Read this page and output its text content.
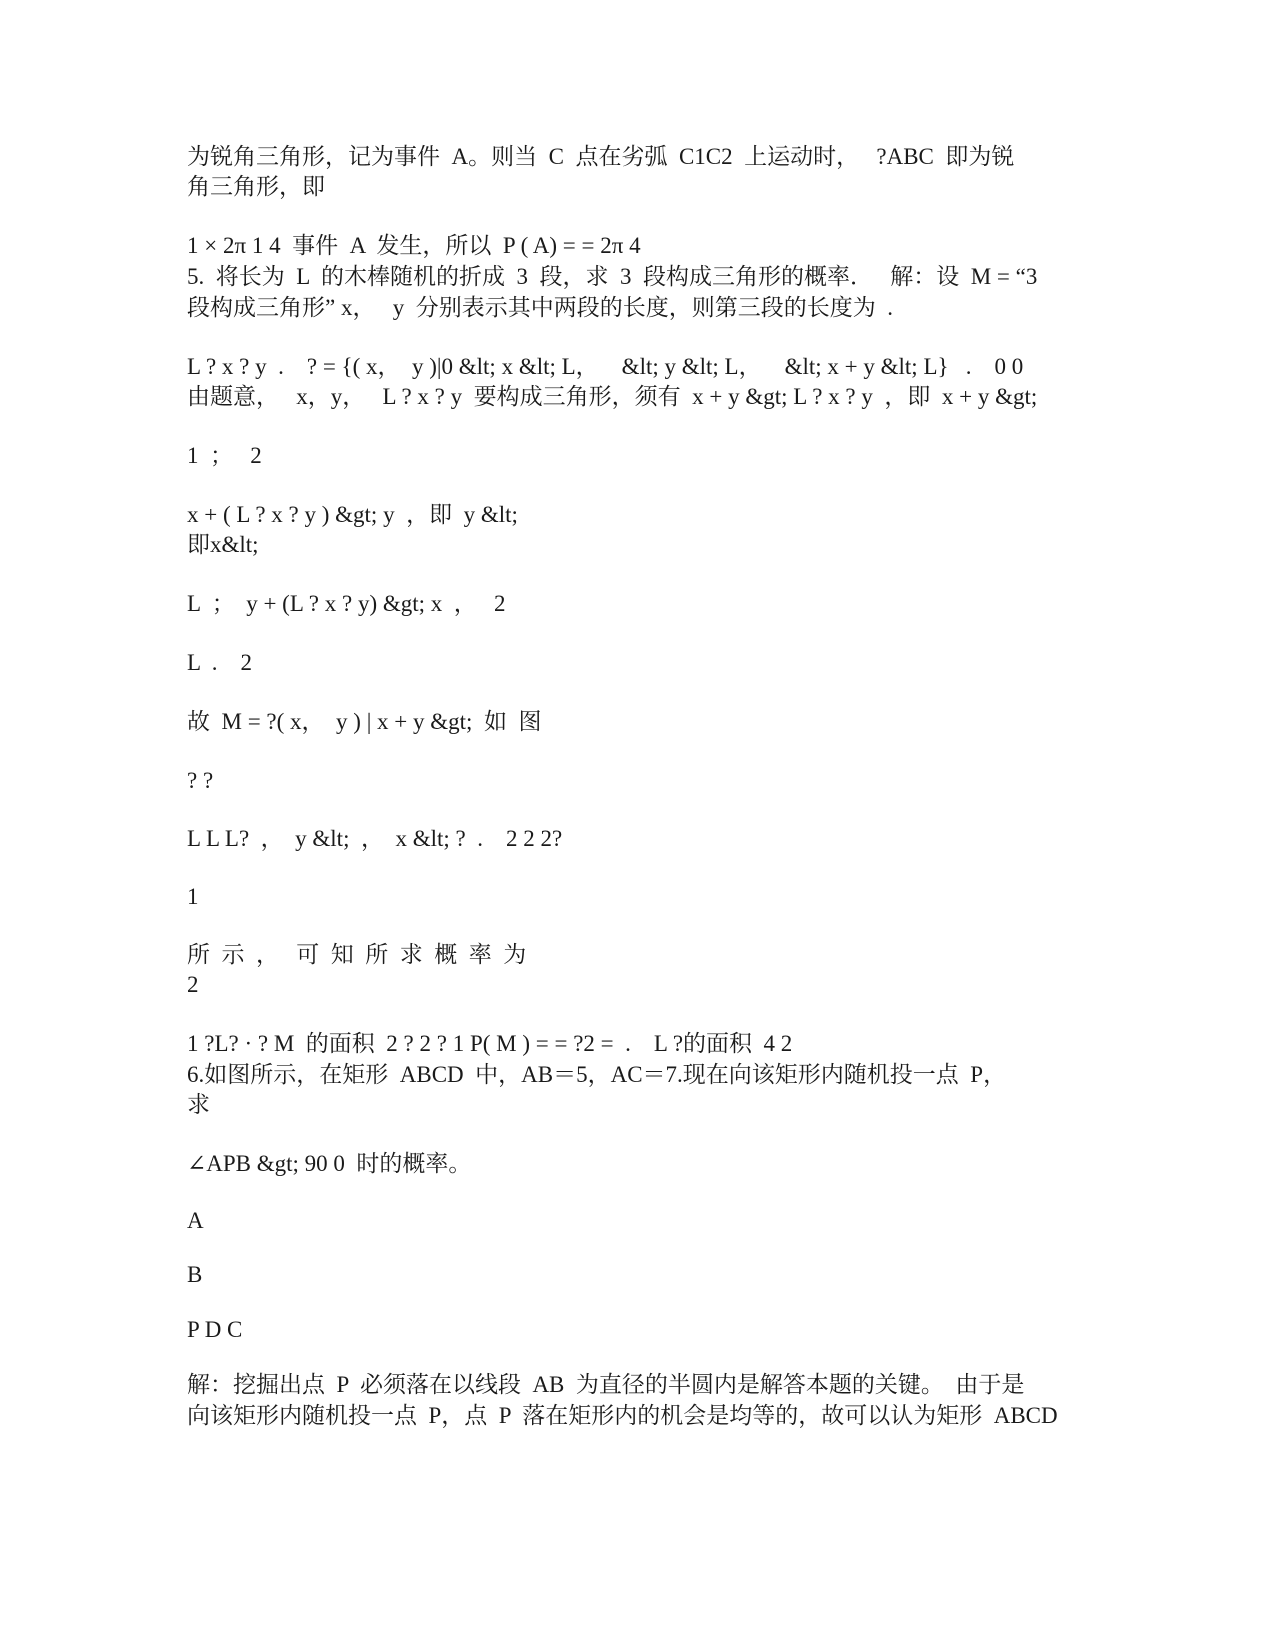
为锐角三角形，记为事件  A。则当  C  点在劣弧  C1C2  上运动时，   ?ABC  即为锐
角三角形，即
1 × 2π 1 4  事件  A  发生，所以  P ( A) = = 2π 4
5.  将长为  L  的木棒随机的折成  3  段，求  3  段构成三角形的概率．   解：设  M = “3
段构成三角形” x，   y  分别表示其中两段的长度，则第三段的长度为  .
L ? x ? y  .    ? = {( x，  y )|0 &lt; x &lt; L，    &lt; y &lt; L，    &lt; x + y &lt; L}   .    0 0
由题意，   x，y，   L ? x ? y  要构成三角形，须有  x + y &gt; L ? x ? y  ，即  x + y &gt;
1  ；   2
x + ( L ? x ? y ) &gt; y  ，即  y &lt;
即x&lt;
L  ；  y + (L ? x ? y) &gt; x  ，   2
L  .    2
故  M = ?( x，  y ) | x + y &gt;  如  图
? ?
L L L?  ，  y &lt;  ，  x &lt; ?  .    2 2 2?
1
所  示  ，   可  知  所  求  概  率  为
2
1 ?L? · ? M  的面积  2 ? 2 ? 1 P( M ) = = ?2 =  .    L ?的面积  4 2
6.如图所示，在矩形  ABCD  中，AB＝5，AC＝7.现在向该矩形内随机投一点  P，
求
∠APB &gt; 90 0  时的概率。
A
B
P D C
解：挖掘出点  P  必须落在以线段  AB  为直径的半圆内是解答本题的关键。  由于是
向该矩形内随机投一点  P，点  P  落在矩形内的机会是均等的，故可以认为矩形  ABCD
